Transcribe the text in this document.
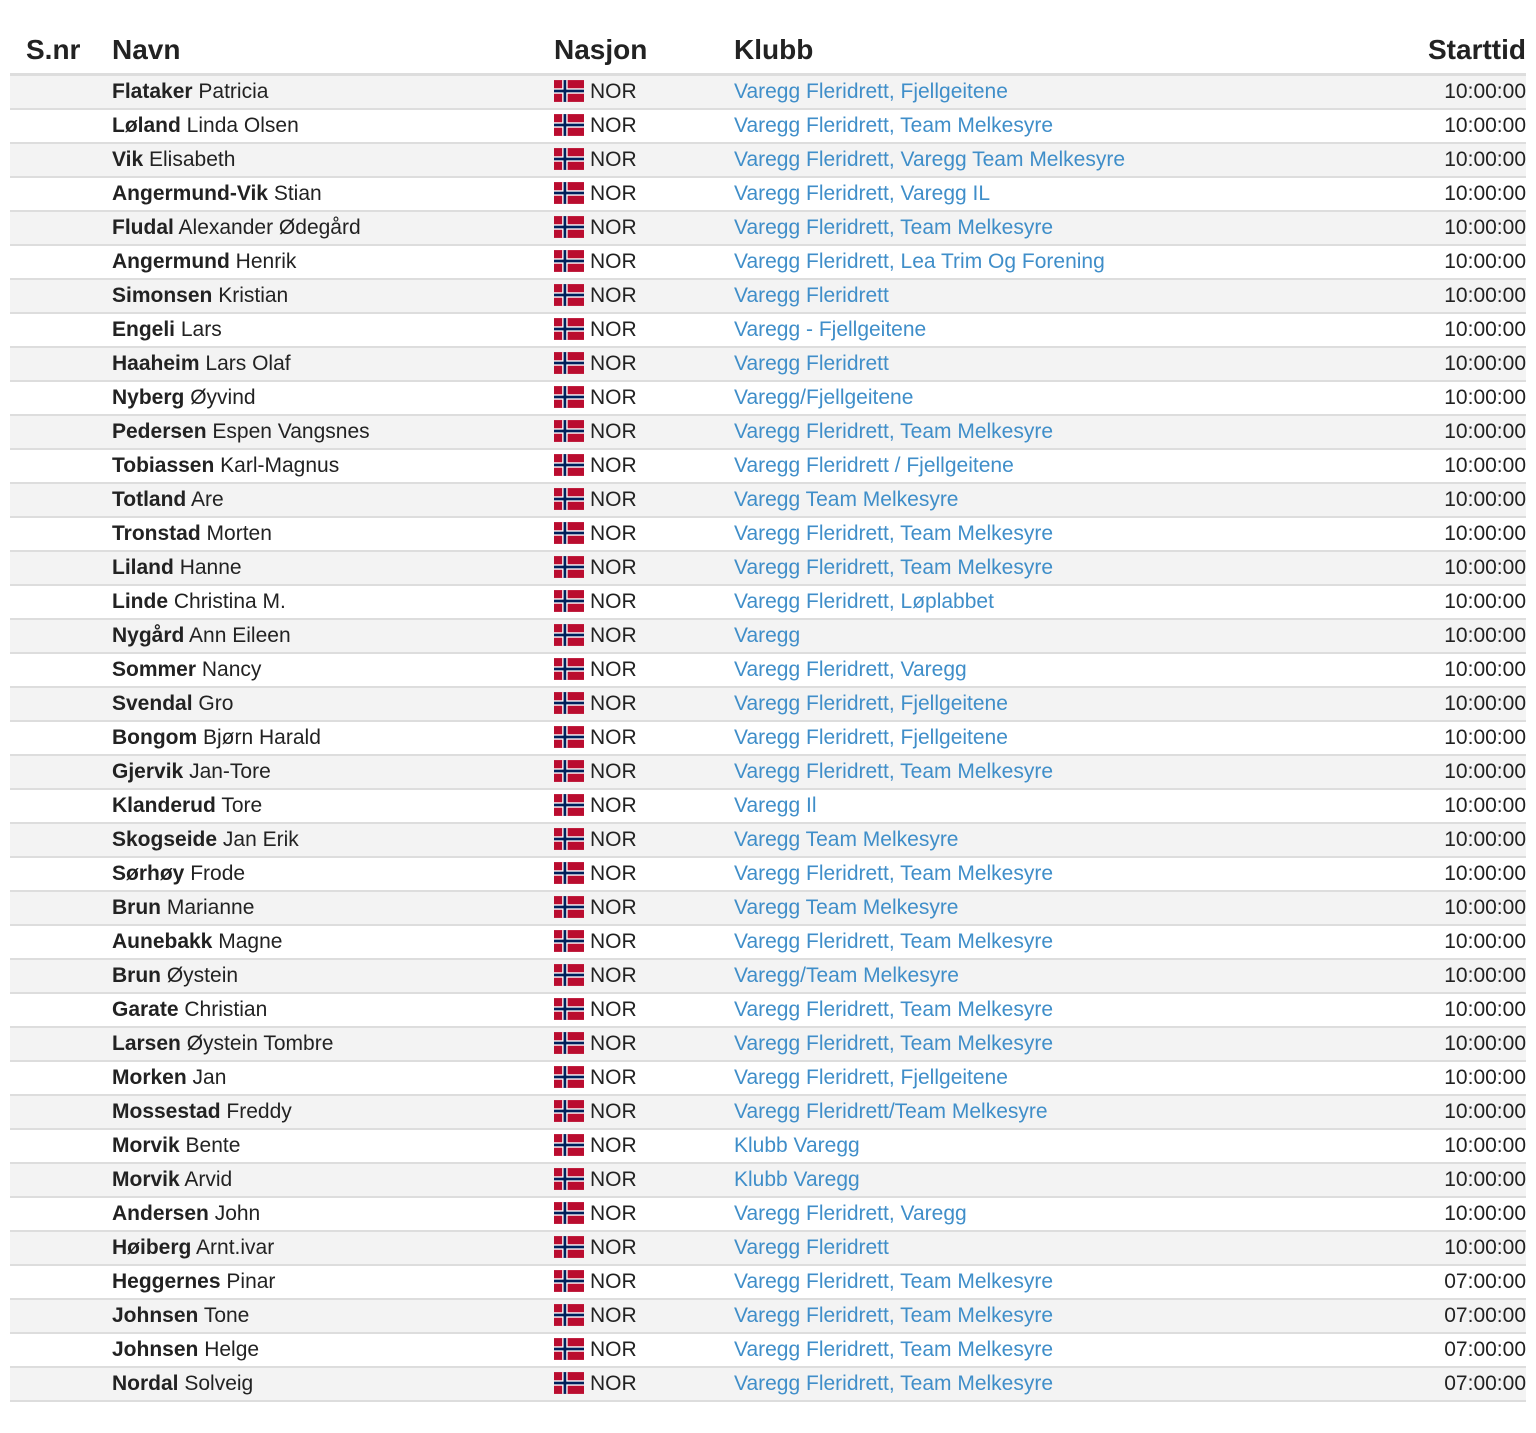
S.nr	Navn	Nasjon	Klubb	Starttid
	Flataker Patricia	NOR	Varegg Fleridrett, Fjellgeitene	10:00:00
	Løland Linda Olsen	NOR	Varegg Fleridrett, Team Melkesyre	10:00:00
	Vik Elisabeth	NOR	Varegg Fleridrett, Varegg Team Melkesyre	10:00:00
	Angermund-Vik Stian	NOR	Varegg Fleridrett, Varegg IL	10:00:00
	Fludal Alexander Ødegård	NOR	Varegg Fleridrett, Team Melkesyre	10:00:00
	Angermund Henrik	NOR	Varegg Fleridrett, Lea Trim Og Forening	10:00:00
	Simonsen Kristian	NOR	Varegg Fleridrett	10:00:00
	Engeli Lars	NOR	Varegg - Fjellgeitene	10:00:00
	Haaheim Lars Olaf	NOR	Varegg Fleridrett	10:00:00
	Nyberg Øyvind	NOR	Varegg/Fjellgeitene	10:00:00
	Pedersen Espen Vangsnes	NOR	Varegg Fleridrett, Team Melkesyre	10:00:00
	Tobiassen Karl-Magnus	NOR	Varegg Fleridrett / Fjellgeitene	10:00:00
	Totland Are	NOR	Varegg Team Melkesyre	10:00:00
	Tronstad Morten	NOR	Varegg Fleridrett, Team Melkesyre	10:00:00
	Liland Hanne	NOR	Varegg Fleridrett, Team Melkesyre	10:00:00
	Linde Christina M.	NOR	Varegg Fleridrett, Løplabbet	10:00:00
	Nygård Ann Eileen	NOR	Varegg	10:00:00
	Sommer Nancy	NOR	Varegg Fleridrett, Varegg	10:00:00
	Svendal Gro	NOR	Varegg Fleridrett, Fjellgeitene	10:00:00
	Bongom Bjørn Harald	NOR	Varegg Fleridrett, Fjellgeitene	10:00:00
	Gjervik Jan-Tore	NOR	Varegg Fleridrett, Team Melkesyre	10:00:00
	Klanderud Tore	NOR	Varegg Il	10:00:00
	Skogseide Jan Erik	NOR	Varegg Team Melkesyre	10:00:00
	Sørhøy Frode	NOR	Varegg Fleridrett, Team Melkesyre	10:00:00
	Brun Marianne	NOR	Varegg Team Melkesyre	10:00:00
	Aunebakk Magne	NOR	Varegg Fleridrett, Team Melkesyre	10:00:00
	Brun Øystein	NOR	Varegg/Team Melkesyre	10:00:00
	Garate Christian	NOR	Varegg Fleridrett, Team Melkesyre	10:00:00
	Larsen Øystein Tombre	NOR	Varegg Fleridrett, Team Melkesyre	10:00:00
	Morken Jan	NOR	Varegg Fleridrett, Fjellgeitene	10:00:00
	Mossestad Freddy	NOR	Varegg Fleridrett/Team Melkesyre	10:00:00
	Morvik Bente	NOR	Klubb Varegg	10:00:00
	Morvik Arvid	NOR	Klubb Varegg	10:00:00
	Andersen John	NOR	Varegg Fleridrett, Varegg	10:00:00
	Høiberg Arnt.ivar	NOR	Varegg Fleridrett	10:00:00
	Heggernes Pinar	NOR	Varegg Fleridrett, Team Melkesyre	07:00:00
	Johnsen Tone	NOR	Varegg Fleridrett, Team Melkesyre	07:00:00
	Johnsen Helge	NOR	Varegg Fleridrett, Team Melkesyre	07:00:00
	Nordal Solveig	NOR	Varegg Fleridrett, Team Melkesyre	07:00:00
